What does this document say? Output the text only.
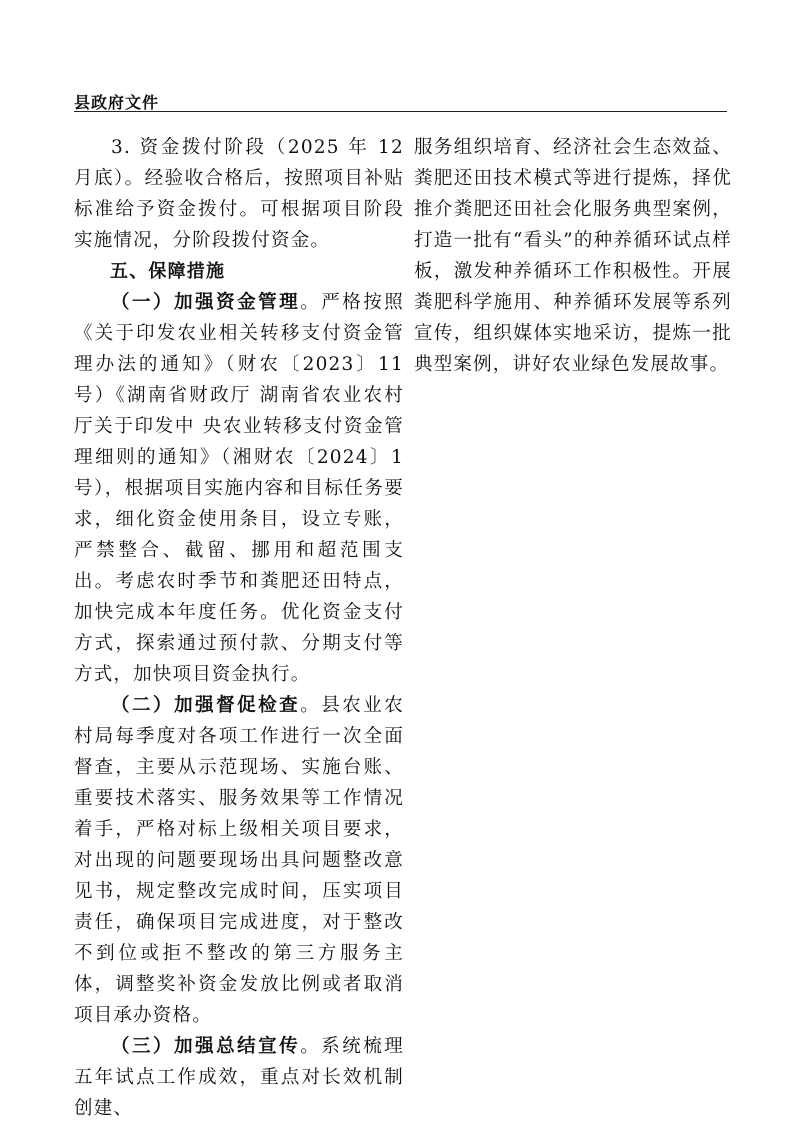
县政府文件

3. 资金拨付阶段（2025 年 12 月底）。经验收合格后，按照项目补贴标准给予资金拨付。可根据项目阶段实施情况，分阶段拨付资金。

五、保障措施

（一）加强资金管理。严格按照《关于印发农业相关转移支付资金管理办法的通知》（财农〔2023〕11 号）《湖南省财政厅 湖南省农业农村厅关于印发中 央农业转移支付资金管理细则的通知》（湘财农〔2024〕1 号），根据项目实施内容和目标任务要求，细化资金使用条目，设立专账，严禁整合、截留、挪用和超范围支出。考虑农时季节和粪肥还田特点，加快完成本年度任务。优化资金支付方式，探索通过预付款、分期支付等方式，加快项目资金执行。

（二）加强督促检查。县农业农村局每季度对各项工作进行一次全面督查，主要从示范现场、实施台账、重要技术落实、服务效果等工作情况着手，严格对标上级相关项目要求，对出现的问题要现场出具问题整改意见书，规定整改完成时间，压实项目责任，确保项目完成进度，对于整改不到位或拒不整改的第三方服务主体，调整奖补资金发放比例或者取消项目承办资格。

（三）加强总结宣传。系统梳理五年试点工作成效，重点对长效机制创建、

服务组织培育、经济社会生态效益、粪肥还田技术模式等进行提炼，择优推介粪肥还田社会化服务典型案例，打造一批有“看头”的种养循环试点样板，激发种养循环工作积极性。开展粪肥科学施用、种养循环发展等系列宣传，组织媒体实地采访，提炼一批典型案例，讲好农业绿色发展故事。
